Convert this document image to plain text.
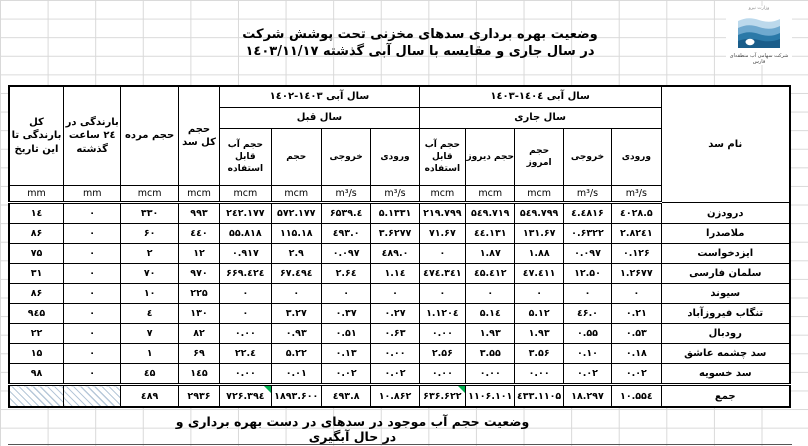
وضعیت بهره برداری سدهای مخزنی تحت پوشش شرکت در سال جاری و مقایسه با سال آبی گذشته ۱٤۰۳/۱۱/۱۷
وزارت نیرو
شرکت سهامی آب منطقه‌ای فارس
نام سد	سال آبی ‎۱٤۰۳-۱٤۰٤					سال آبی ‎۱٤۰۲-۱٤۰۳				حجم کل سد	حجم مرده	بارندگی در ۲٤ ساعت گذشته	کل بارندگی تا این تاریخ
	سال جاری					سال قبل							
	ورودی	خروجی	حجم امروز	حجم دیروز	حجم آب قابل استفاده	ورودی	خروجی	حجم	حجم آب قابل استفاده				
	m³/s	m³/s	mcm	mcm	mcm	m³/s	m³/s	mcm	mcm	mcm	mcm	mm	mm
درودزن	۵.٤۰۲۸	٤.٤۸۱۶	۵٤۹.۷۹۹	۵٤۹.۷۱۹	۲۱۹.۷۹۹	۵.۱۳۳۱	٤.۶۵۳۹	۵۷۲.۱۷۷	۲٤۲.۱۷۷	۹۹۳	۳۳۰	۰	۱٤
ملاصدرا	۲.۸۲٤۱	۰.۶۳۲۲	۱۳۱.۶۷	۱۳۱.٤٤	۷۱.۶۷	۳.۶۲۷۷	۰.٤۹۳	۱۱۵.۱۸	۵۵.۸۱۸	٤٤۰	۶۰	۰	۸۶
ایزدخواست	۰.۱۲۶	۰.۰۹۷	۱.۸۸	۱.۸۷	۰	۰.٤۸۹	۰.۰۹۷	۲.۹	۰.۹۱۷	۱۲	۲	۰	۷۵
سلمان فارسی	۱.۲۶۷۷	۱۲.۵۰	٤۱۱.٤۷	٤۱۲.٤۵	۳٤۱.٤۷٤	۱.۱٤	۲.۶٤	٤۹٤.۶۷	٤۲٤.۶۶۹	۹۷۰	۷۰	۰	۳۱
سیوند	۰	۰	۰	۰	۰	۰	۰	۰	۰	۲۲۵	۱۰	۰	۸۶
تنگاب فیروزآباد	۰.۲۱	۰.٤۶	۵.۱۲	۵.۱٤	۱.۱۲۰٤	۰.۲۷	۰.۳۷	۳.۲۷	۰	۱۳۰	٤	۰	۹٤۵
رودبال	۰.۵۳	۰.۵۵	۱.۹۳	۱.۹۳	۰.۰۰	۰.۶۳	۰.۵۱	۰.۹۳	۰.۰۰	۸۲	۷	۰	۲۲
سد چشمه عاشق	۰.۱۸	۰.۱۰	۳.۵۶	۳.۵۵	۲.۵۶	۰.۰۰	۰.۱۳	۵.۲۲	٤.۲۲	۶۹	۱	۰	۱۵
سد خسویه	۰.۰۲	۰.۰۲	۰.۰۰	۰.۰۰	۰.۰۰	۰.۰۲	۰.۰۲	۰.۰۱	۰.۰۰	۱٤۵	٤۵	۰	۹۸
جمع	۱۰.۵۵٤	۱۸.۲۹۷	۱۱۰۵.٤۳۳	۱۱۰۶.۱۰۱	۶۳۶.۶۲۲	۱۰.۸۶۲	۸.٤۹۳	۱۸۹۳.۶۰۰	۷۲۶.۳۹٤	۲۹۳۶	٤۸۹		
وضعیت حجم آب موجود در سدهای در دست بهره برداری و در حال آبگیری
